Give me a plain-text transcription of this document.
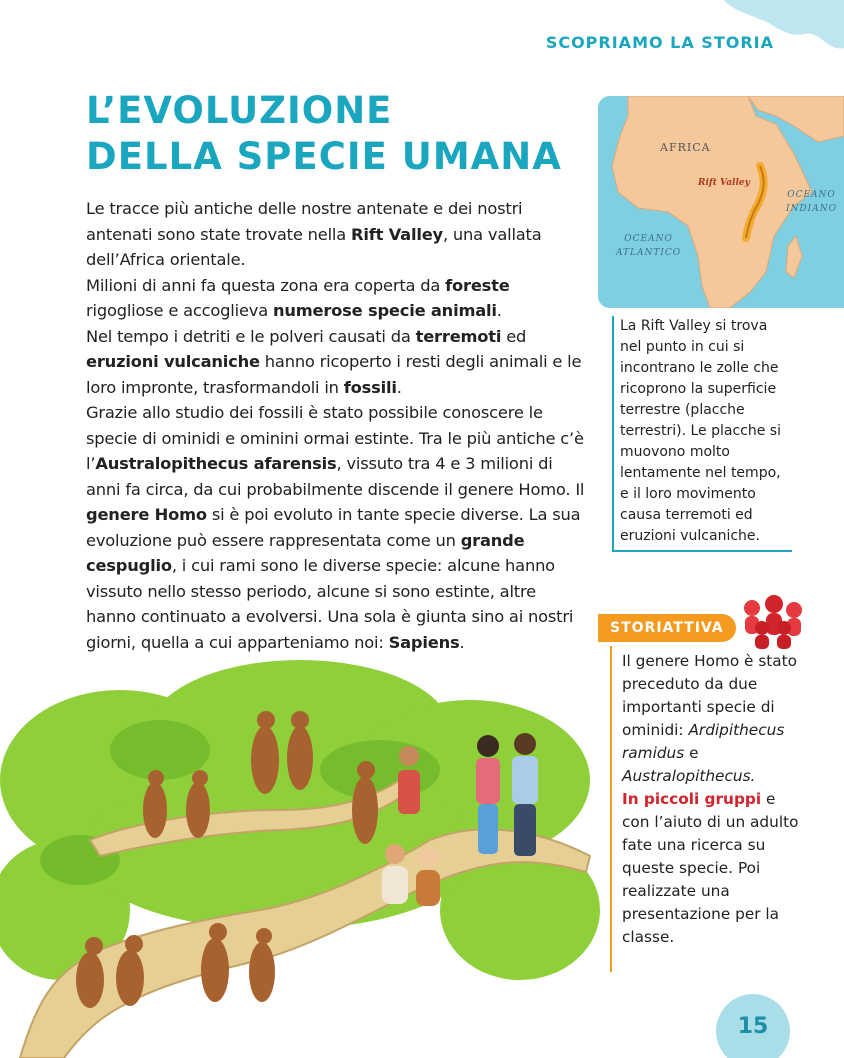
SCOPRIAMO LA STORIA
L’EVOLUZIONE
DELLA SPECIE UMANA
Le tracce più antiche delle nostre antenate e dei nostri antenati sono state trovate nella Rift Valley, una vallata dell’Africa orientale.
Milioni di anni fa questa zona era coperta da foreste rigogliose e accoglieva numerose specie animali.
Nel tempo i detriti e le polveri causati da terremoti ed eruzioni vulcaniche hanno ricoperto i resti degli animali e le loro impronte, trasformandoli in fossili.
Grazie allo studio dei fossili è stato possibile conoscere le specie di ominidi e ominini ormai estinte. Tra le più antiche c’è l’Australopithecus afarensis, vissuto tra 4 e 3 milioni di anni fa circa, da cui probabilmente discende il genere Homo. Il genere Homo si è poi evoluto in tante specie diverse. La sua evoluzione può essere rappresentata come un grande cespuglio, i cui rami sono le diverse specie: alcune hanno vissuto nello stesso periodo, alcune si sono estinte, altre hanno continuato a evolversi. Una sola è giunta sino ai nostri giorni, quella a cui apparteniamo noi: Sapiens.
AFRICA
Rift Valley
OCEANO
INDIANO
OCEANO
ATLANTICO
La Rift Valley si trova nel punto in cui si incontrano le zolle che ricoprono la superficie terrestre (placche terrestri). Le placche si muovono molto lentamente nel tempo, e il loro movimento causa terremoti ed eruzioni vulcaniche.
STORIATTIVA
Il genere Homo è stato preceduto da due importanti specie di ominidi: Ardipithecus ramidus e Australopithecus.
In piccoli gruppi e con l’aiuto di un adulto fate una ricerca su queste specie. Poi realizzate una presentazione per la classe.
15
